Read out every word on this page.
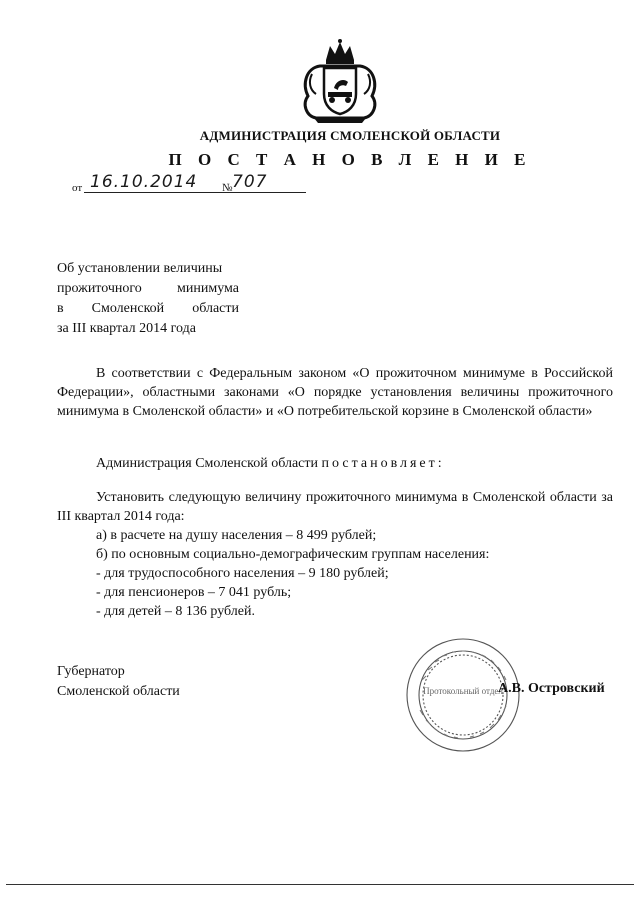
АДМИНИСТРАЦИЯ СМОЛЕНСКОЙ ОБЛАСТИ
П О С Т А Н О В Л Е Н И Е
от 16.10.2014 № 707
Об установлении величины
прожиточного минимума
в Смоленской области
за III квартал 2014 года
В соответствии с Федеральным законом «О прожиточном минимуме в Российской Федерации», областными законами «О порядке установления величины прожиточного минимума в Смоленской области» и «О потребительской корзине в Смоленской области»
Администрация Смоленской области постановляет:
Установить следующую величину прожиточного минимума в Смоленской области за III квартал 2014 года:
а) в расчете на душу населения – 8 499 рублей;
б) по основным социально-демографическим группам населения:
- для трудоспособного населения – 9 180 рублей;
- для пенсионеров – 7 041 рубль;
- для детей – 8 136 рублей.
Губернатор
Смоленской области	Протокольный отдел
А.В. Островский
